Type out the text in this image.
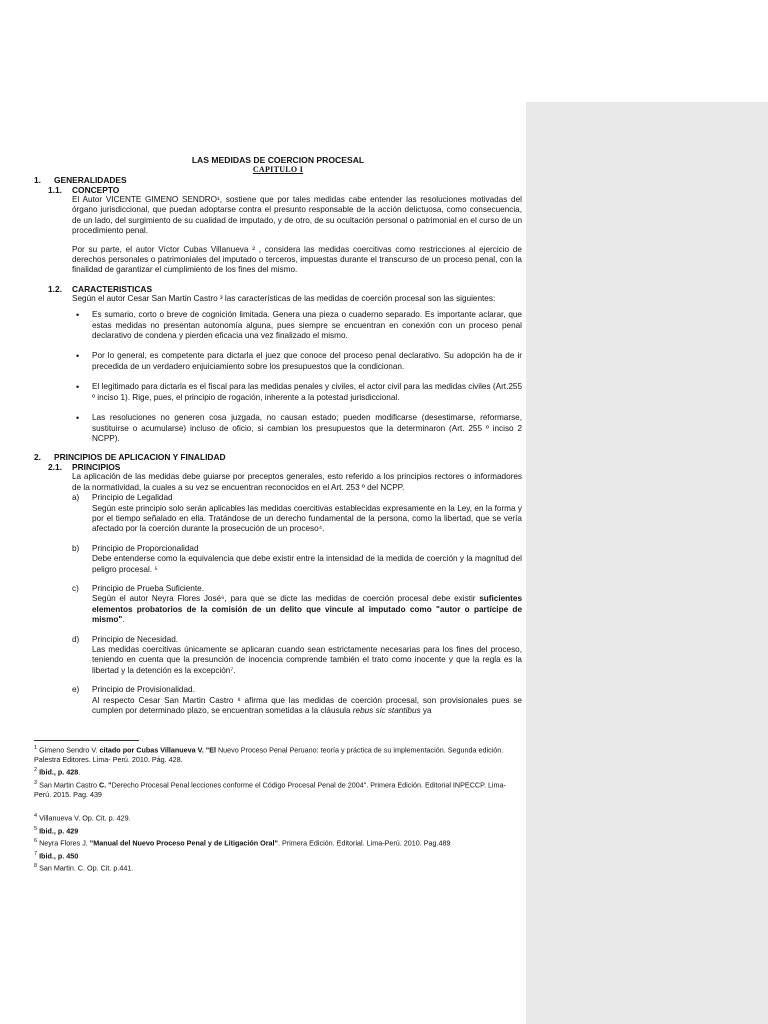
LAS MEDIDAS DE COERCION PROCESAL
CAPITULO I
1. GENERALIDADES
1.1. CONCEPTO
El Autor VICENTE GIMENO SENDRO¹, sostiene que por tales medidas cabe entender las resoluciones motivadas del órgano jurisdiccional, que puedan adoptarse contra el presunto responsable de la acción delictuosa, como consecuencia, de un lado, del surgimiento de su cualidad de imputado, y de otro, de su ocultación personal o patrimonial en el curso de un procedimiento penal.
Por su parte, el autor Víctor Cubas Villanueva ² , considera las medidas coercitivas como restricciones al ejercicio de derechos personales o patrimoniales del imputado o terceros, impuestas durante el transcurso de un proceso penal, con la finalidad de garantizar el cumplimiento de los fines del mismo.
1.2. CARACTERISTICAS
Según el autor Cesar San Martin Castro ³ las características de las medidas de coerción procesal son las siguientes:
• Es sumario, corto o breve de cognición limitada. Genera una pieza o cuaderno separado. Es importante aclarar, que estas medidas no presentan autonomía alguna, pues siempre se encuentran en conexión con un proceso penal declarativo de condena y pierden eficacia una vez finalizado el mismo.
• Por lo general, es competente para dictarla el juez que conoce del proceso penal declarativo. Su adopción ha de ir precedida de un verdadero enjuiciamiento sobre los presupuestos que la condicionan.
• El legitimado para dictarla es el fiscal para las medidas penales y civiles, el actor civil para las medidas civiles (Art.255 º inciso 1). Rige, pues, el principio de rogación, inherente a la potestad jurisdiccional.
• Las resoluciones no generen cosa juzgada, no causan estado; pueden modificarse (desestimarse, reformarse, sustituirse o acumularse) incluso de oficio, si cambian los presupuestos que la determinaron (Art. 255 º inciso 2 NCPP).
2. PRINCIPIOS DE APLICACION Y FINALIDAD
2.1. PRINCIPIOS
La aplicación de las medidas debe guiarse por preceptos generales, esto referido a los principios rectores o informadores de la normatividad, la cuales a su vez se encuentran reconocidos en el Art. 253 º del NCPP.
a) Principio de Legalidad
Según este principio solo serán aplicables las medidas coercitivas establecidas expresamente en la Ley, en la forma y por el tiempo señalado en ella. Tratándose de un derecho fundamental de la persona, como la libertad, que se vería afectado por la coerción durante la prosecución de un proceso⁴.
b) Principio de Proporcionalidad
Debe entenderse como la equivalencia que debe existir entre la intensidad de la medida de coerción y la magnitud del peligro procesal. ⁵
c) Principio de Prueba Suficiente.
Según el autor Neyra Flores José⁶, para que se dicte las medidas de coerción procesal debe existir suficientes elementos probatorios de la comisión de un delito que vincule al imputado como "autor o partícipe de mismo".
d) Principio de Necesidad.
Las medidas coercitivas únicamente se aplicaran cuando sean estrictamente necesarias para los fines del proceso, teniendo en cuenta que la presunción de inocencia comprende también el trato como inocente y que la regla es la libertad y la detención es la excepción⁷.
e) Principio de Provisionalidad.
Al respecto Cesar San Martin Castro ⁸ afirma que las medidas de coerción procesal, son provisionales pues se cumplen por determinado plazo, se encuentran sometidas a la cláusula rebus sic stantibus ya
$^1$ Gimeno Sendro V. citado por Cubas Villanueva V. "El Nuevo Proceso Penal Peruano: teoría y práctica de su implementación. Segunda edición. Palestra Editores. Lima- Perú. 2010. Pág. 428.
$^2$ Ibid., p. 428.
$^3$ San Martin Castro C. "Derecho Procesal Penal lecciones conforme el Código Procesal Penal de 2004". Primera Edición. Editorial INPECCP. Lima- Perú. 2015. Pag. 439
$^4$ Villanueva V. Op. Cit. p. 429.
$^5$ Ibid., p. 429
$^6$ Neyra Flores J. "Manual del Nuevo Proceso Penal y de Litigación Oral". Primera Edición. Editorial. Lima-Perú. 2010. Pag.489
$^7$ Ibid., p. 450
$^8$ San Martin. C. Op. Cit. p.441.
